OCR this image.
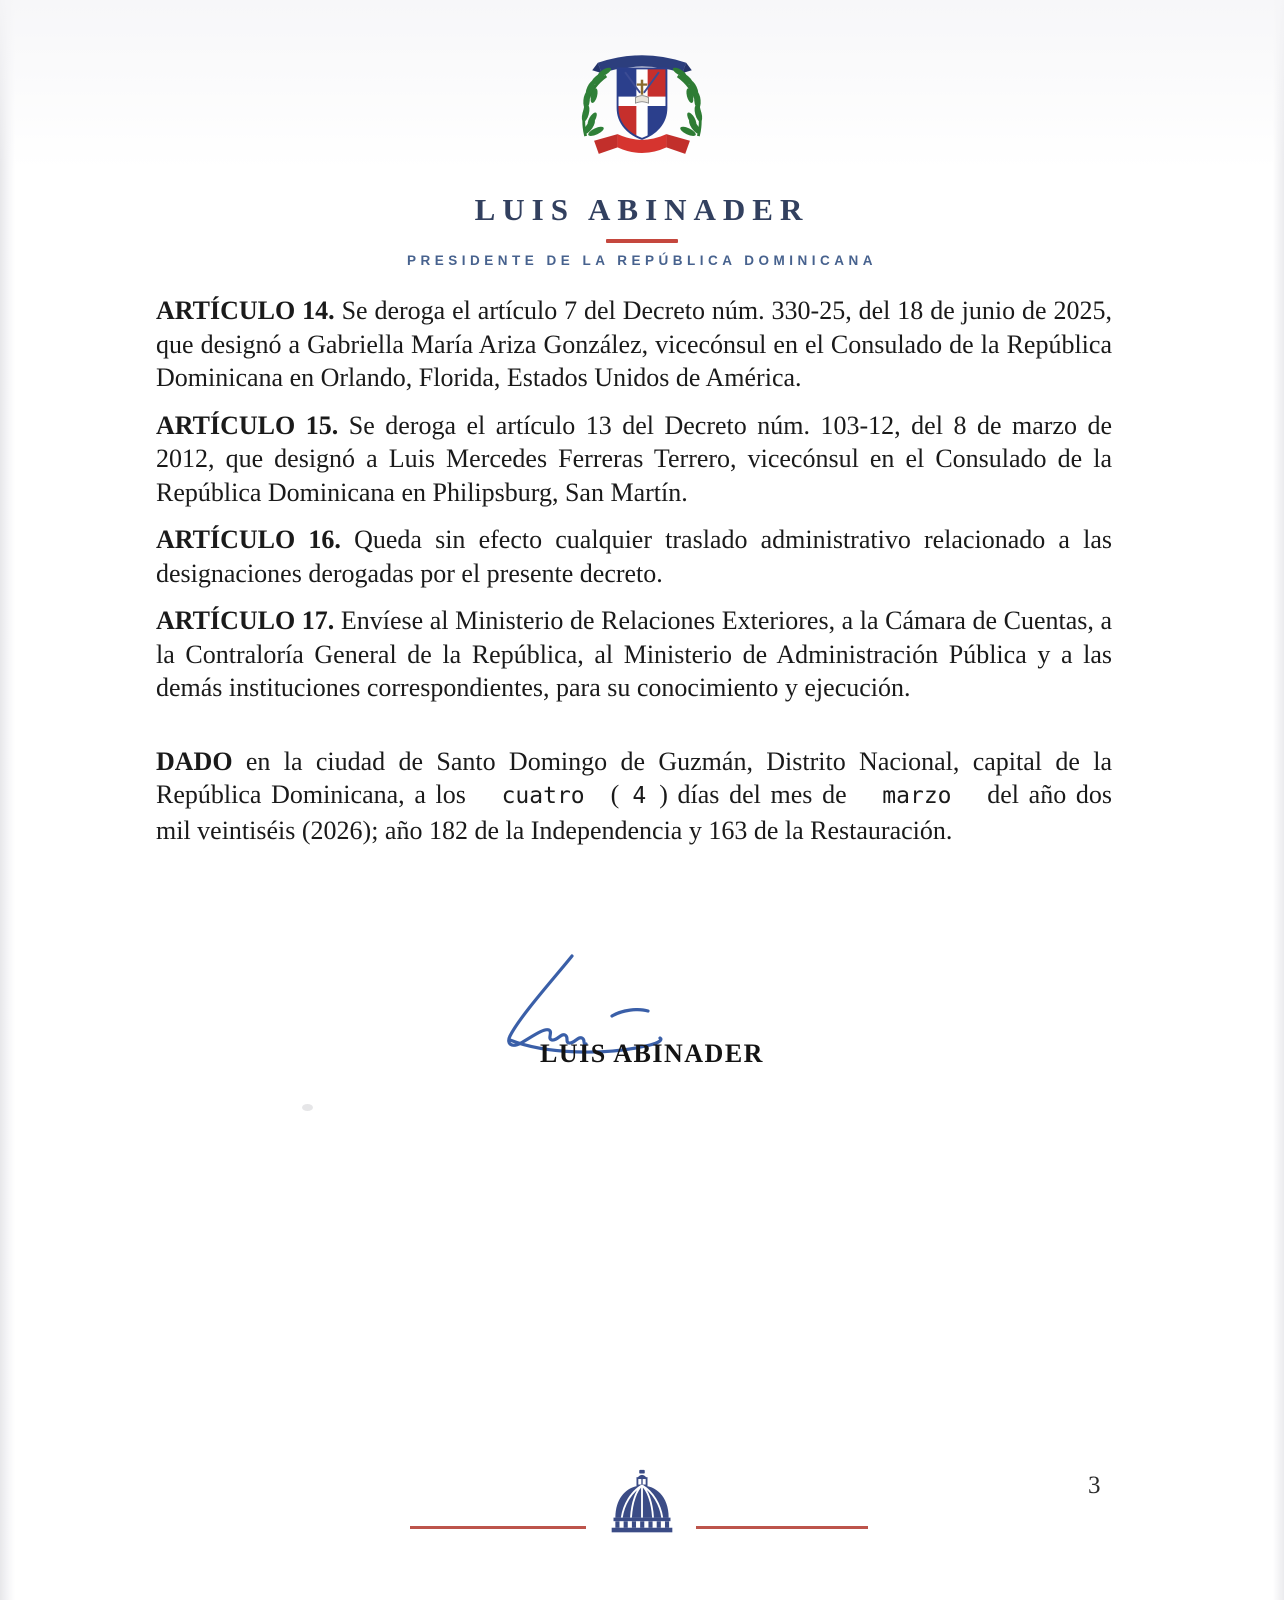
LUIS ABINADER
PRESIDENTE DE LA REPÚBLICA DOMINICANA

ARTÍCULO 14. Se deroga el artículo 7 del Decreto núm. 330-25, del 18 de junio de 2025, que designó a Gabriella María Ariza González, vicecónsul en el Consulado de la República Dominicana en Orlando, Florida, Estados Unidos de América.

ARTÍCULO 15. Se deroga el artículo 13 del Decreto núm. 103-12, del 8 de marzo de 2012, que designó a Luis Mercedes Ferreras Terrero, vicecónsul en el Consulado de la República Dominicana en Philipsburg, San Martín.

ARTÍCULO 16. Queda sin efecto cualquier traslado administrativo relacionado a las designaciones derogadas por el presente decreto.

ARTÍCULO 17. Envíese al Ministerio de Relaciones Exteriores, a la Cámara de Cuentas, a la Contraloría General de la República, al Ministerio de Administración Pública y a las demás instituciones correspondientes, para su conocimiento y ejecución.

DADO en la ciudad de Santo Domingo de Guzmán, Distrito Nacional, capital de la República Dominicana, a los cuatro ( 4 ) días del mes de marzo del año dos mil veintiséis (2026); año 182 de la Independencia y 163 de la Restauración.

LUIS ABINADER
3
